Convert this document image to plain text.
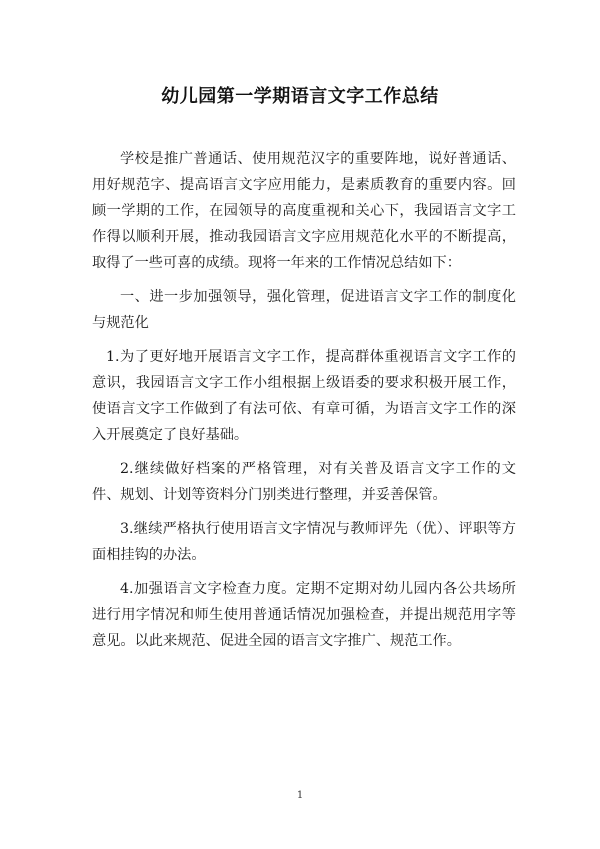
幼儿园第一学期语言文字工作总结

学校是推广普通话、使用规范汉字的重要阵地，说好普通话、用好规范字、提高语言文字应用能力，是素质教育的重要内容。回顾一学期的工作，在园领导的高度重视和关心下，我园语言文字工作得以顺利开展，推动我园语言文字应用规范化水平的不断提高，取得了一些可喜的成绩。现将一年来的工作情况总结如下：

一、进一步加强领导，强化管理，促进语言文字工作的制度化与规范化

1.为了更好地开展语言文字工作，提高群体重视语言文字工作的意识，我园语言文字工作小组根据上级语委的要求积极开展工作，使语言文字工作做到了有法可依、有章可循，为语言文字工作的深入开展奠定了良好基础。

2.继续做好档案的严格管理，对有关普及语言文字工作的文件、规划、计划等资料分门别类进行整理，并妥善保管。

3.继续严格执行使用语言文字情况与教师评先（优）、评职等方面相挂钩的办法。

4.加强语言文字检查力度。定期不定期对幼儿园内各公共场所进行用字情况和师生使用普通话情况加强检查，并提出规范用字等意见。以此来规范、促进全园的语言文字推广、规范工作。

1
